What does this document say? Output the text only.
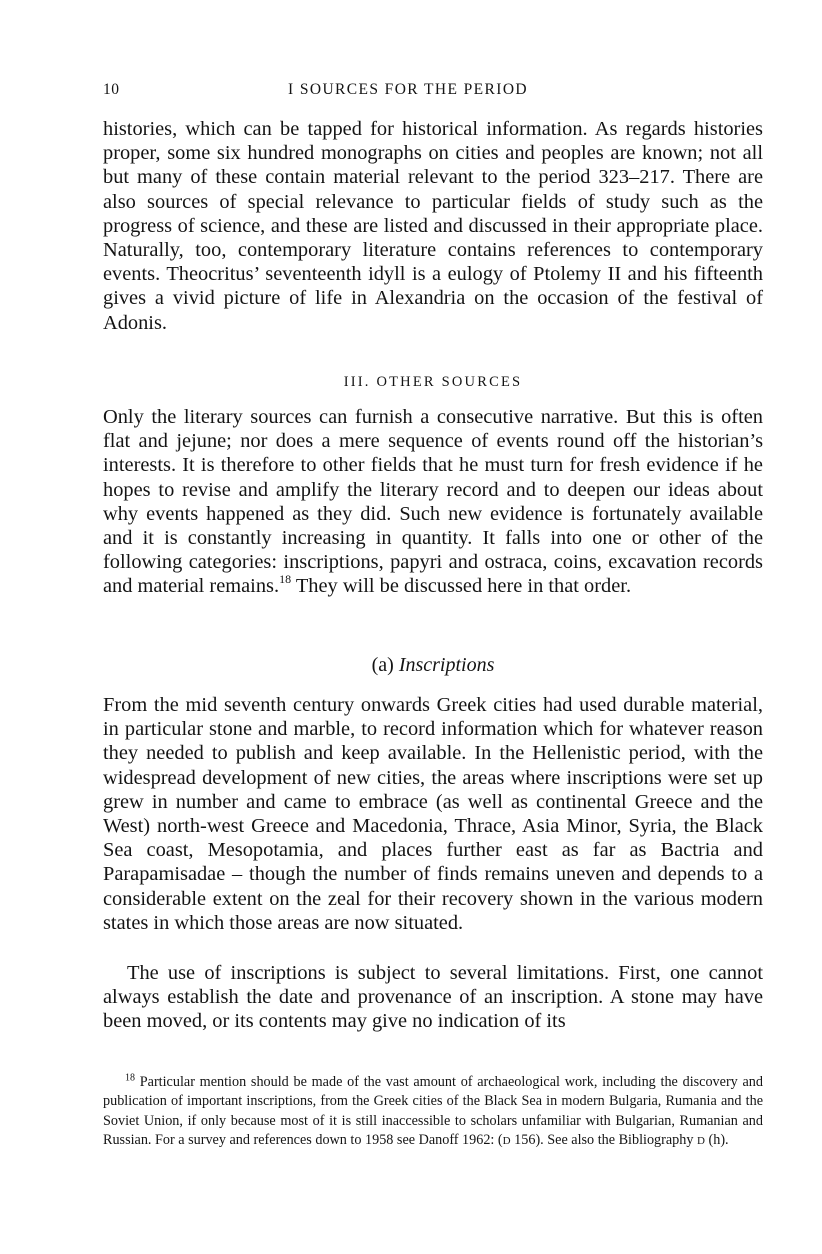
10	I SOURCES FOR THE PERIOD

histories, which can be tapped for historical information. As regards histories proper, some six hundred monographs on cities and peoples are known; not all but many of these contain material relevant to the period 323–217. There are also sources of special relevance to particular fields of study such as the progress of science, and these are listed and discussed in their appropriate place. Naturally, too, contemporary literature contains references to contemporary events. Theocritus’ seventeenth idyll is a eulogy of Ptolemy II and his fifteenth gives a vivid picture of life in Alexandria on the occasion of the festival of Adonis.

III. OTHER SOURCES

Only the literary sources can furnish a consecutive narrative. But this is often flat and jejune; nor does a mere sequence of events round off the historian’s interests. It is therefore to other fields that he must turn for fresh evidence if he hopes to revise and amplify the literary record and to deepen our ideas about why events happened as they did. Such new evidence is fortunately available and it is constantly increasing in quantity. It falls into one or other of the following categories: inscriptions, papyri and ostraca, coins, excavation records and material remains.$^{18}$ They will be discussed here in that order.

(a) Inscriptions

From the mid seventh century onwards Greek cities had used durable material, in particular stone and marble, to record information which for whatever reason they needed to publish and keep available. In the Hellenistic period, with the widespread development of new cities, the areas where inscriptions were set up grew in number and came to embrace (as well as continental Greece and the West) north-west Greece and Macedonia, Thrace, Asia Minor, Syria, the Black Sea coast, Mesopotamia, and places further east as far as Bactria and Parapamisadae – though the number of finds remains uneven and depends to a considerable extent on the zeal for their recovery shown in the various modern states in which those areas are now situated.

The use of inscriptions is subject to several limitations. First, one cannot always establish the date and provenance of an inscription. A stone may have been moved, or its contents may give no indication of its

$^{18}$ Particular mention should be made of the vast amount of archaeological work, including the discovery and publication of important inscriptions, from the Greek cities of the Black Sea in modern Bulgaria, Rumania and the Soviet Union, if only because most of it is still inaccessible to scholars unfamiliar with Bulgarian, Rumanian and Russian. For a survey and references down to 1958 see Danoff 1962: (D 156). See also the Bibliography D (h).
